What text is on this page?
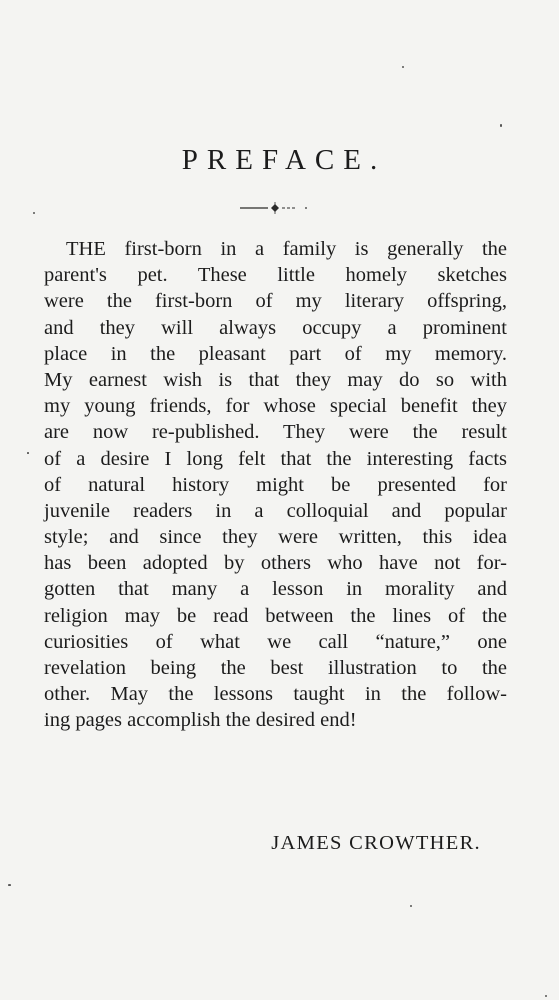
PREFACE.
THE first-born in a family is generally the
parent's pet. These little homely sketches
were the first-born of my literary offspring,
and they will always occupy a prominent
place in the pleasant part of my memory.
My earnest wish is that they may do so with
my young friends, for whose special benefit they
are now re-published. They were the result
of a desire I long felt that the interesting facts
of natural history might be presented for
juvenile readers in a colloquial and popular
style; and since they were written, this idea
has been adopted by others who have not for-
gotten that many a lesson in morality and
religion may be read between the lines of the
curiosities of what we call “nature,” one
revelation being the best illustration to the
other. May the lessons taught in the follow-
ing pages accomplish the desired end!
JAMES CROWTHER.
